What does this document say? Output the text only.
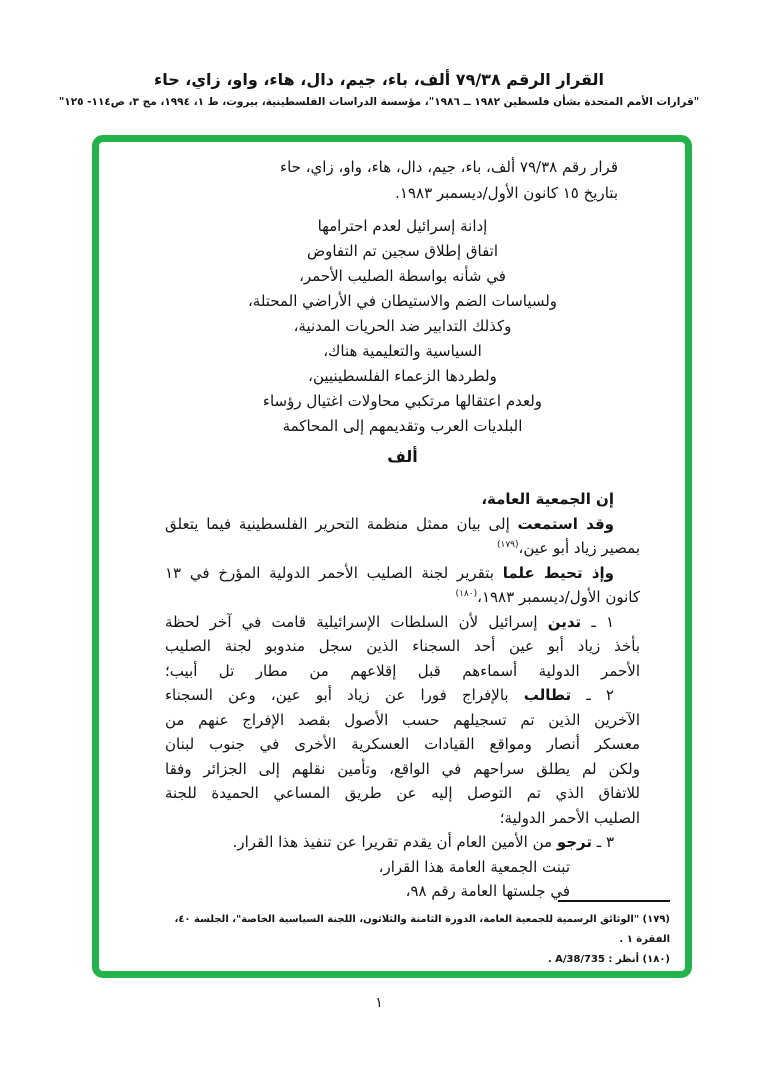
القرار الرقم ٧٩/٣٨ ألف، باء، جيم، دال، هاء، واو، زاي، حاء
"قرارات الأمم المتحدة بشأن فلسطين ١٩٨٢ ــ ١٩٨٦"، مؤسسة الدراسات الفلسطينية، بيروت، ط ١، ١٩٩٤، مج ٣، ص١١٤- ١٢٥"
قرار رقم ٧٩/٣٨ ألف، باء، جيم، دال، هاء، واو، زاي، حاء
بتاريخ ١٥ كانون الأول/ديسمبر ١٩٨٣.
إدانة إسرائيل لعدم احترامها
اتفاق إطلاق سجين تم التفاوض
في شأنه بواسطة الصليب الأحمر،
ولسياسات الضم والاستيطان في الأراضي المحتلة،
وكذلك التدابير ضد الحريات المدنية،
السياسية والتعليمية هناك،
ولطردها الزعماء الفلسطينيين،
ولعدم اعتقالها مرتكبي محاولات اغتيال رؤساء
البلديات العرب وتقديمهم إلى المحاكمة
ألف
إن الجمعية العامة،
وقد استمعت إلى بيان ممثل منظمة التحرير الفلسطينية فيما يتعلق
بمصير زياد أبو عين،$^{(١٧٩)}$
وإذ تحيط علما بتقرير لجنة الصليب الأحمر الدولية المؤرخ في ١٣
كانون الأول/ديسمبر ١٩٨٣،$^{(١٨٠)}$
١ ـ تدين إسرائيل لأن السلطات الإسرائيلية قامت في آخر لحظة
بأخذ زياد أبو عين أحد السجناء الذين سجل مندوبو لجنة الصليب
الأحمر الدولية أسماءهم قبل إقلاعهم من مطار تل أبيب؛
٢ ـ تطالب بالإفراج فورا عن زياد أبو عين، وعن السجناء
الآخرين الذين تم تسجيلهم حسب الأصول بقصد الإفراج عنهم من
معسكر أنصار ومواقع القيادات العسكرية الأخرى في جنوب لبنان
ولكن لم يطلق سراحهم في الواقع، وتأمين نقلهم إلى الجزائر وفقا
للاتفاق الذي تم التوصل إليه عن طريق المساعي الحميدة للجنة
الصليب الأحمر الدولية؛
٣ ـ ترجو من الأمين العام أن يقدم تقريرا عن تنفيذ هذا القرار.
تبنت الجمعية العامة هذا القرار،
في جلستها العامة رقم ٩٨،
(١٧٩) "الوثائق الرسمية للجمعية العامة، الدورة الثامنة والثلاثون، اللجنة السياسية الخاصة"، الجلسة ٤٠، الفقرة ١ .
(١٨٠) أنظر : A/38/735 .
١
